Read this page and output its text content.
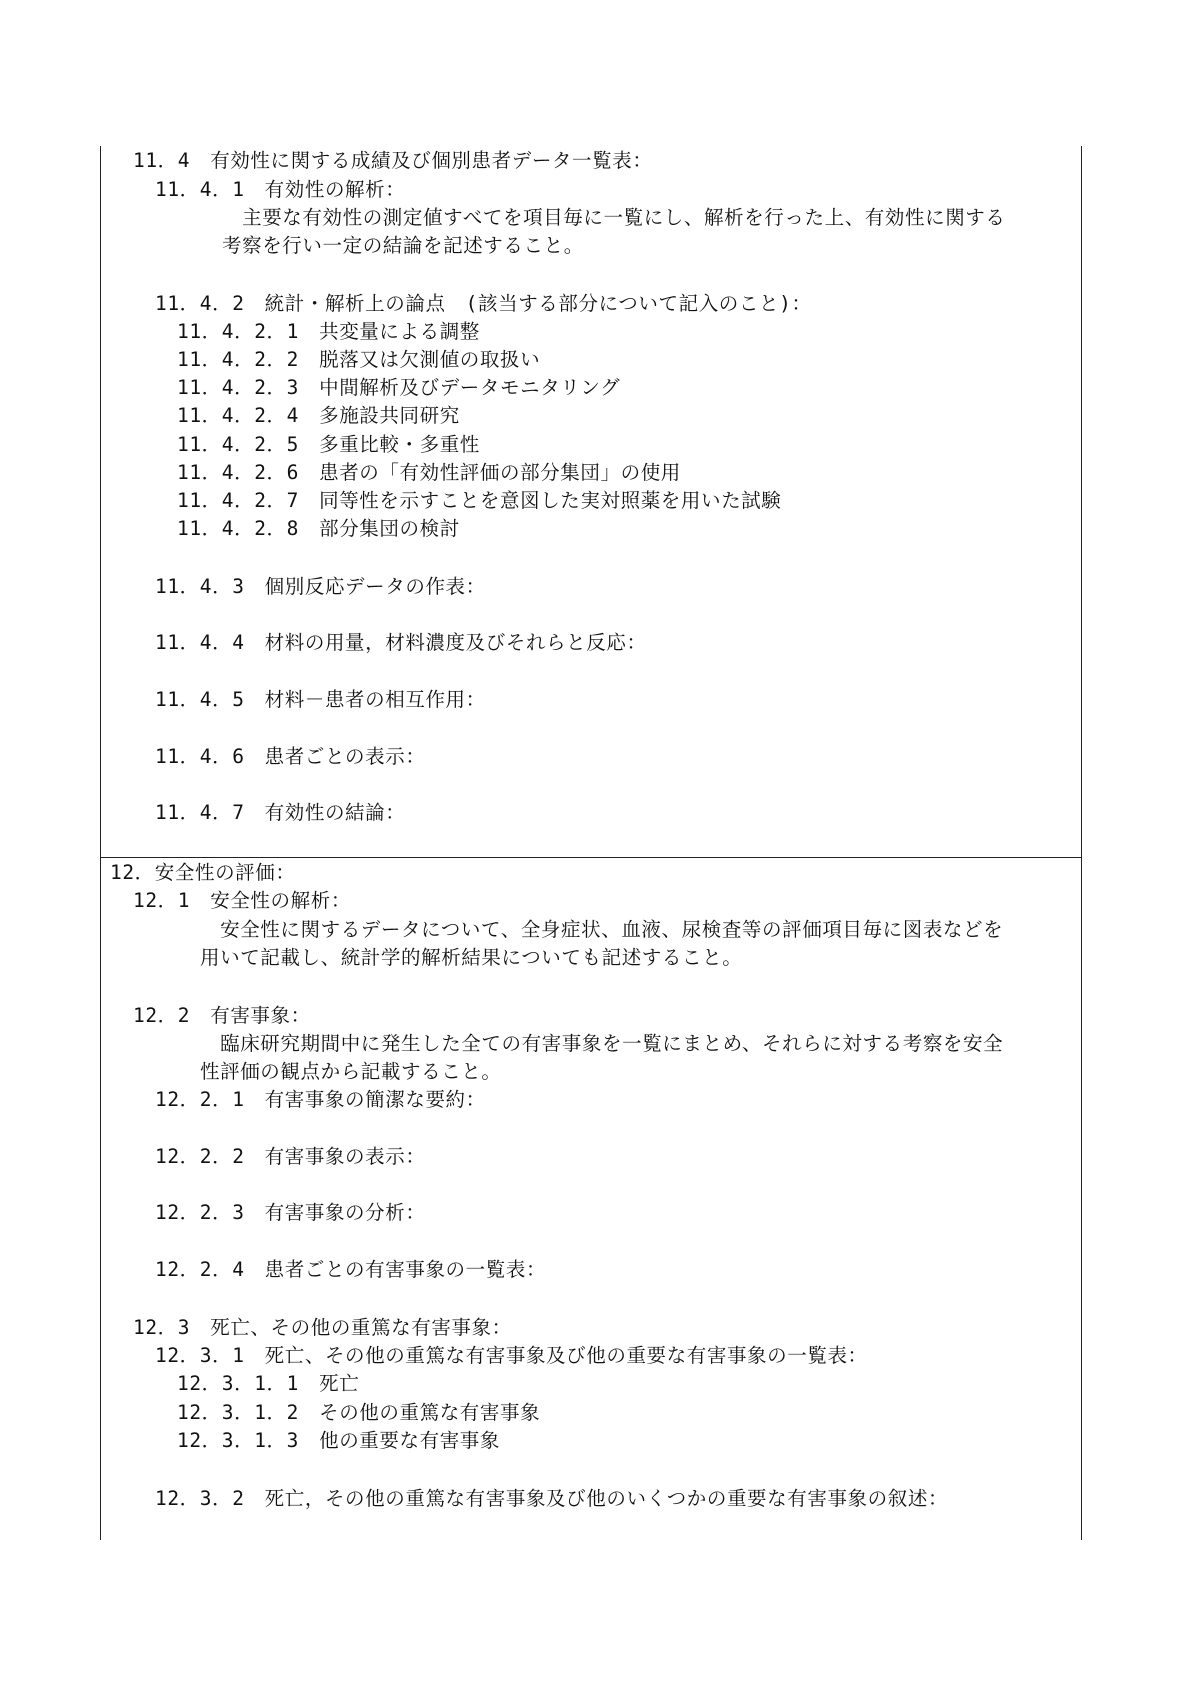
11．4　有効性に関する成績及び個別患者データ一覧表：
11．4．1　有効性の解析：
　主要な有効性の測定値すべてを項目毎に一覧にし、解析を行った上、有効性に関する
考察を行い一定の結論を記述すること。
11．4．2　統計・解析上の論点　(該当する部分について記入のこと)：
11．4．2．1　共変量による調整
11．4．2．2　脱落又は欠測値の取扱い
11．4．2．3　中間解析及びデータモニタリング
11．4．2．4　多施設共同研究
11．4．2．5　多重比較・多重性
11．4．2．6　患者の「有効性評価の部分集団」の使用
11．4．2．7　同等性を示すことを意図した実対照薬を用いた試験
11．4．2．8　部分集団の検討
11．4．3　個別反応データの作表：
11．4．4　材料の用量，材料濃度及びそれらと反応：
11．4．5　材料－患者の相互作用：
11．4．6　患者ごとの表示：
11．4．7　有効性の結論：
12．安全性の評価：
12．1　安全性の解析：
　安全性に関するデータについて、全身症状、血液、尿検査等の評価項目毎に図表などを
用いて記載し、統計学的解析結果についても記述すること。
12．2　有害事象：
　臨床研究期間中に発生した全ての有害事象を一覧にまとめ、それらに対する考察を安全
性評価の観点から記載すること。
12．2．1　有害事象の簡潔な要約：
12．2．2　有害事象の表示：
12．2．3　有害事象の分析：
12．2．4　患者ごとの有害事象の一覧表：
12．3　死亡、その他の重篤な有害事象：
12．3．1　死亡、その他の重篤な有害事象及び他の重要な有害事象の一覧表：
12．3．1．1　死亡
12．3．1．2　その他の重篤な有害事象
12．3．1．3　他の重要な有害事象
12．3．2　死亡，その他の重篤な有害事象及び他のいくつかの重要な有害事象の叙述：
